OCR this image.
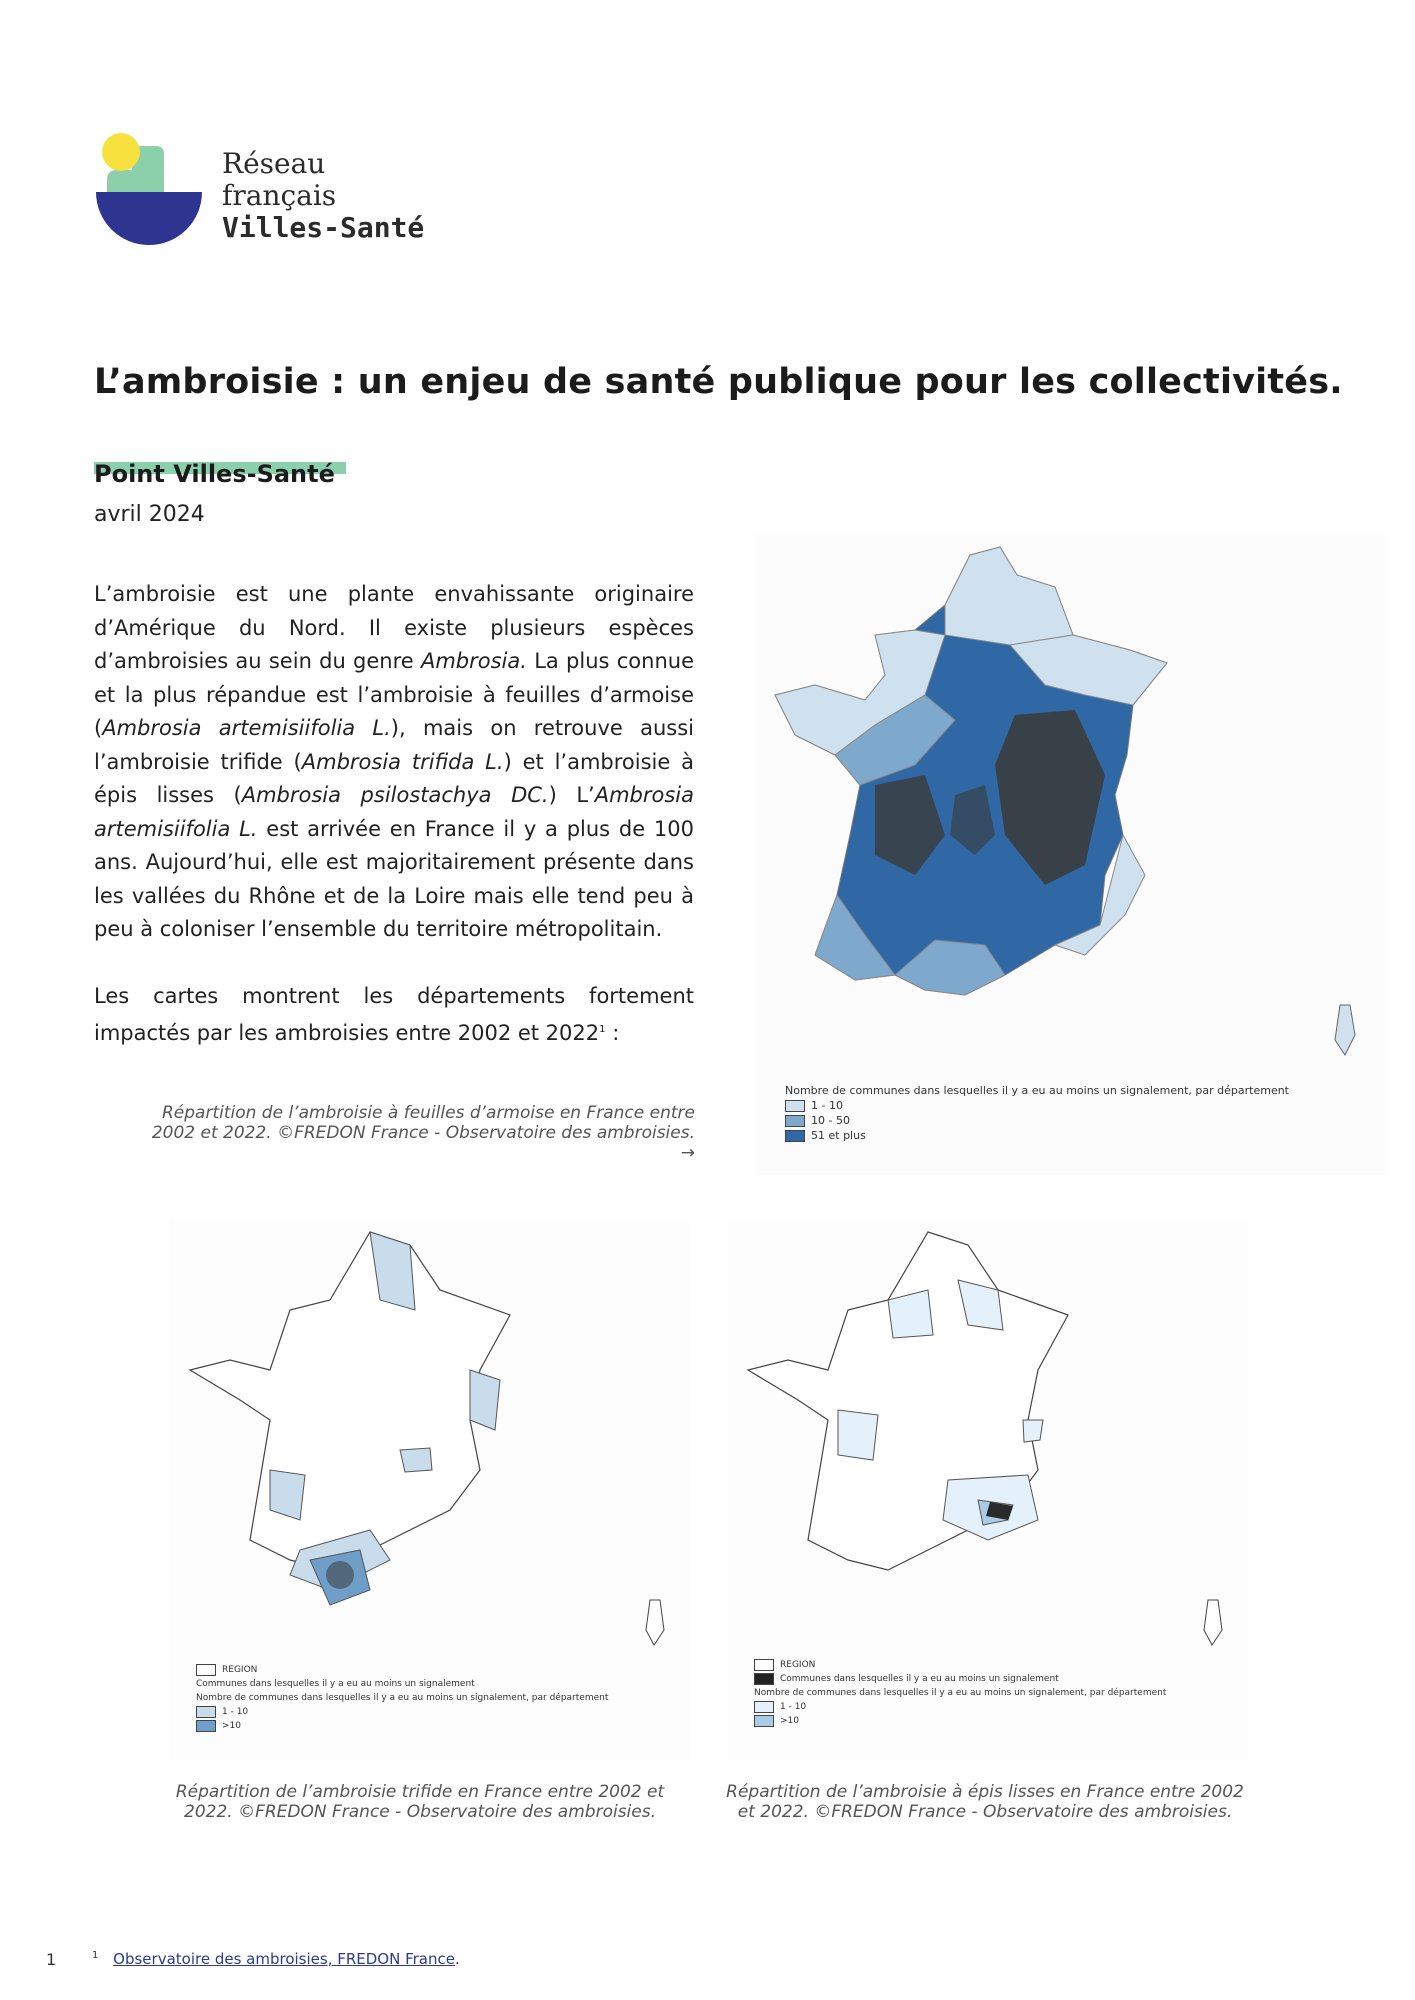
Réseau
français
Villes-Santé
L’ambroisie : un enjeu de santé publique pour les collectivités.
Point Villes-Santé
avril 2024

L’ambroisie est une plante envahissante originaire d’Amérique du Nord. Il existe plusieurs espèces d’ambroisies au sein du genre Ambrosia. La plus connue et la plus répandue est l’ambroisie à feuilles d’armoise (Ambrosia artemisiifolia L.), mais on retrouve aussi l’ambroisie trifide (Ambrosia trifida L.) et l’ambroisie à épis lisses (Ambrosia psilostachya DC.) L’Ambrosia artemisiifolia L. est arrivée en France il y a plus de 100 ans. Aujourd’hui, elle est majoritairement présente dans les vallées du Rhône et de la Loire mais elle tend peu à peu à coloniser l’ensemble du territoire métropolitain.

Les cartes montrent les départements fortement impactés par les ambroisies entre 2002 et 2022$^1$ :

Répartition de l’ambroisie à feuilles d’armoise en France entre 2002 et 2022. ©FREDON France - Observatoire des ambroisies. →
Nombre de communes dans lesquelles il y a eu au moins un signalement, par département
1 - 10
10 - 50
51 et plus
REGION
Communes dans lesquelles il y a eu au moins un signalement
Nombre de communes dans lesquelles il y a eu au moins un signalement, par département
1 - 10
>10
Répartition de l’ambroisie trifide en France entre 2002 et 2022. ©FREDON France - Observatoire des ambroisies.
REGION
Communes dans lesquelles il y a eu au moins un signalement
Nombre de communes dans lesquelles il y a eu au moins un signalement, par département
1 - 10
>10
Répartition de l’ambroisie à épis lisses en France entre 2002 et 2022. ©FREDON France - Observatoire des ambroisies.
1	$^1$ Observatoire des ambroisies, FREDON France.
